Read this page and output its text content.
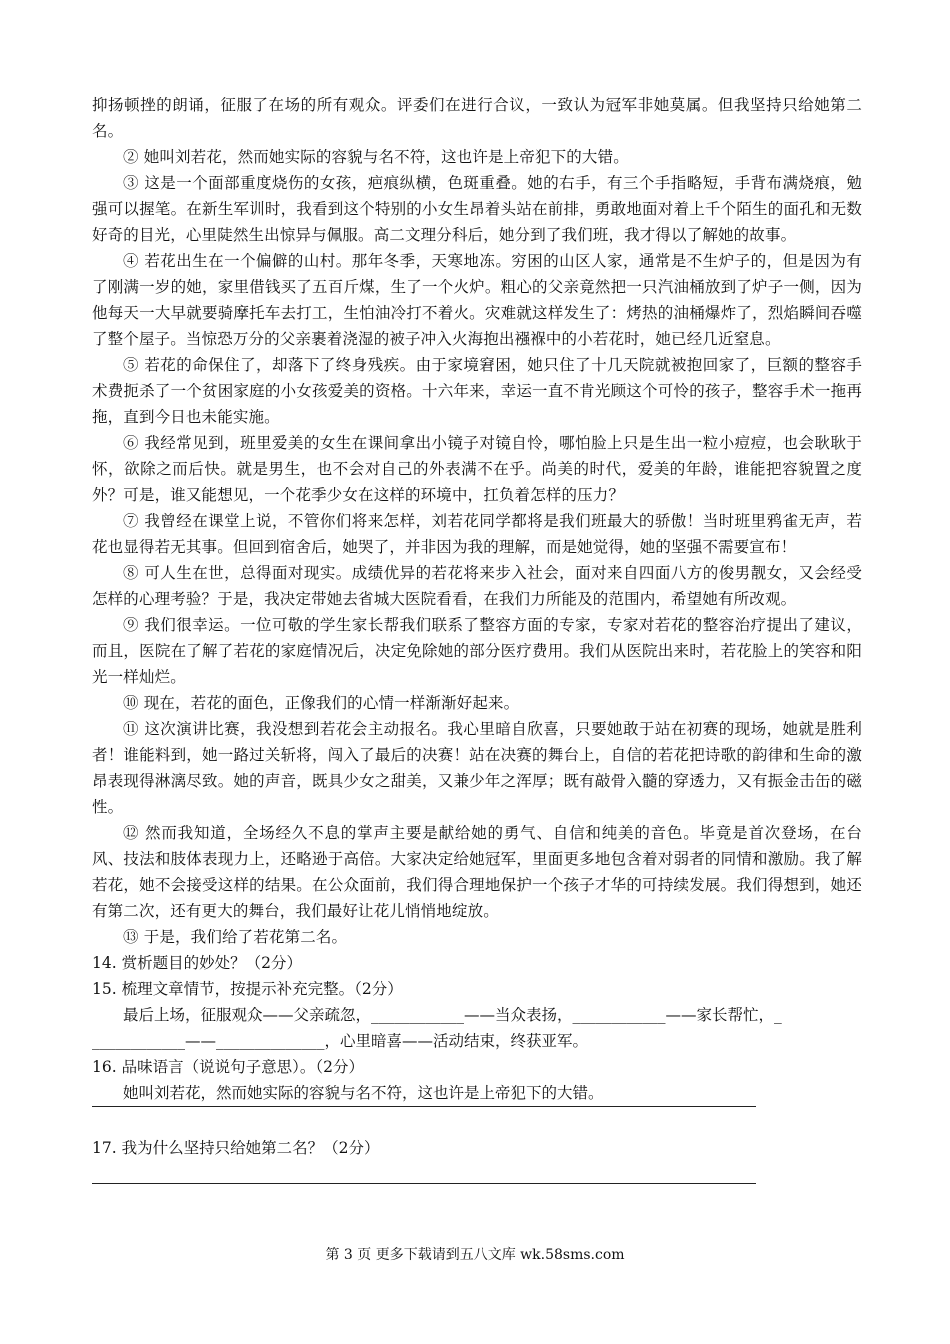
抑扬顿挫的朗诵，征服了在场的所有观众。评委们在进行合议，一致认为冠军非她莫属。但我坚持只给她第二名。

② 她叫刘若花，然而她实际的容貌与名不符，这也许是上帝犯下的大错。

③ 这是一个面部重度烧伤的女孩，疤痕纵横，色斑重叠。她的右手，有三个手指略短，手背布满烧痕，勉强可以握笔。在新生军训时，我看到这个特别的小女生昂着头站在前排，勇敢地面对着上千个陌生的面孔和无数好奇的目光，心里陡然生出惊异与佩服。高二文理分科后，她分到了我们班，我才得以了解她的故事。

④ 若花出生在一个偏僻的山村。那年冬季，天寒地冻。穷困的山区人家，通常是不生炉子的，但是因为有了刚满一岁的她，家里借钱买了五百斤煤，生了一个火炉。粗心的父亲竟然把一只汽油桶放到了炉子一侧，因为他每天一大早就要骑摩托车去打工，生怕油冷打不着火。灾难就这样发生了：烤热的油桶爆炸了，烈焰瞬间吞噬了整个屋子。当惊恐万分的父亲裹着浇湿的被子冲入火海抱出襁褓中的小若花时，她已经几近窒息。

⑤ 若花的命保住了，却落下了终身残疾。由于家境窘困，她只住了十几天院就被抱回家了，巨额的整容手术费扼杀了一个贫困家庭的小女孩爱美的资格。十六年来，幸运一直不肯光顾这个可怜的孩子，整容手术一拖再拖，直到今日也未能实施。

⑥ 我经常见到，班里爱美的女生在课间拿出小镜子对镜自怜，哪怕脸上只是生出一粒小痘痘，也会耿耿于怀，欲除之而后快。就是男生，也不会对自己的外表满不在乎。尚美的时代，爱美的年龄，谁能把容貌置之度外？可是，谁又能想见，一个花季少女在这样的环境中，扛负着怎样的压力？

⑦ 我曾经在课堂上说，不管你们将来怎样，刘若花同学都将是我们班最大的骄傲！当时班里鸦雀无声，若花也显得若无其事。但回到宿舍后，她哭了，并非因为我的理解，而是她觉得，她的坚强不需要宣布！

⑧ 可人生在世，总得面对现实。成绩优异的若花将来步入社会，面对来自四面八方的俊男靓女，又会经受怎样的心理考验？于是，我决定带她去省城大医院看看，在我们力所能及的范围内，希望她有所改观。

⑨ 我们很幸运。一位可敬的学生家长帮我们联系了整容方面的专家，专家对若花的整容治疗提出了建议，而且，医院在了解了若花的家庭情况后，决定免除她的部分医疗费用。我们从医院出来时，若花脸上的笑容和阳光一样灿烂。

⑩ 现在，若花的面色，正像我们的心情一样渐渐好起来。

⑪ 这次演讲比赛，我没想到若花会主动报名。我心里暗自欣喜，只要她敢于站在初赛的现场，她就是胜利者！谁能料到，她一路过关斩将，闯入了最后的决赛！站在决赛的舞台上，自信的若花把诗歌的韵律和生命的激昂表现得淋漓尽致。她的声音，既具少女之甜美，又兼少年之浑厚；既有敲骨入髓的穿透力，又有振金击缶的磁性。

⑫ 然而我知道，全场经久不息的掌声主要是献给她的勇气、自信和纯美的音色。毕竟是首次登场，在台风、技法和肢体表现力上，还略逊于高倍。大家决定给她冠军，里面更多地包含着对弱者的同情和激励。我了解若花，她不会接受这样的结果。在公众面前，我们得合理地保护一个孩子才华的可持续发展。我们得想到，她还有第二次，还有更大的舞台，我们最好让花儿悄悄地绽放。

⑬ 于是，我们给了若花第二名。

14. 赏析题目的妙处？（2分）

15. 梳理文章情节，按提示补充完整。（2分）

最后上场，征服观众——父亲疏忽，____________——当众表扬，____________——家长帮忙，_

____________——______________，心里暗喜——活动结束，终获亚军。

16. 品味语言（说说句子意思）。（2分）

她叫刘若花，然而她实际的容貌与名不符，这也许是上帝犯下的大错。

17. 我为什么坚持只给她第二名？（2分）

第 3 页 更多下载请到五八文库 wk.58sms.com
